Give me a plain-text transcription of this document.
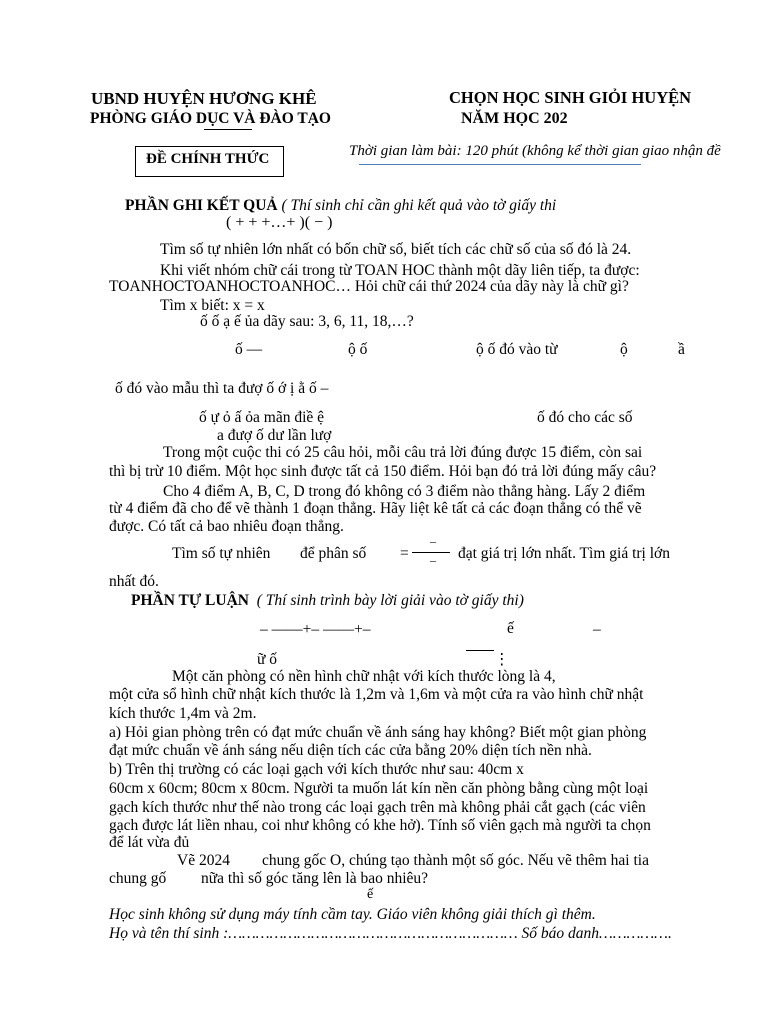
UBND HUYỆN HƯƠNG KHÊ
PHÒNG GIÁO DỤC VÀ ĐÀO TẠO
CHỌN HỌC SINH GIỎI HUYỆN
NĂM HỌC 202
ĐỀ CHÍNH THỨC	Thời gian làm bài: 120 phút (không kể thời gian giao nhận đề
PHẦN GHI KẾT QUẢ ( Thí sinh chỉ cần ghi kết quả vào tờ giấy thi
( + + +…+ )( − )
Tìm số tự nhiên lớn nhất có bốn chữ số, biết tích các chữ số của số đó là 24.
Khi viết nhóm chữ cái trong từ TOAN HOC thành một dãy liên tiếp, ta được:
TOANHOCTOANHOCTOANHOC… Hỏi chữ cái thứ 2024 của dãy này là chữ gì?
Tìm x biết: x = x
ố ố ạ ế ủa dãy sau: 3, 6, 11, 18,…?
ố —	ộ ố	ộ ố đó vào từ	ộ	ầ
ố đó vào mẫu thì ta đượ ố ớ ị ằ ố –
ố ự ỏ ấ ỏa mãn điề ệ	ố đó cho các số
a đượ ố dư lần lượ
Trong một cuộc thi có 25 câu hỏi, mỗi câu trả lời đúng được 15 điểm, còn sai
thì bị trừ 10 điểm. Một học sinh được tất cả 150 điểm. Hỏi bạn đó trả lời đúng mấy câu?
Cho 4 điểm A, B, C, D trong đó không có 3 điểm nào thẳng hàng. Lấy 2 điểm
từ 4 điểm đã cho để vẽ thành 1 đoạn thẳng. Hãy liệt kê tất cả các đoạn thẳng có thể vẽ
được. Có tất cả bao nhiêu đoạn thẳng.
Tìm số tự nhiên để phân số =
–
– đạt giá trị lớn nhất. Tìm giá trị lớn
nhất đó.
PHẦN TỰ LUẬN ( Thí sinh trình bày lời giải vào tờ giấy thi)
– ——+– ——+–	ế	–
ữ ố	⋮
Một căn phòng có nền hình chữ nhật với kích thước lòng là 4,
một cửa sổ hình chữ nhật kích thước là 1,2m và 1,6m và một cửa ra vào hình chữ nhật
kích thước 1,4m và 2m.
a) Hỏi gian phòng trên có đạt mức chuẩn về ánh sáng hay không? Biết một gian phòng
đạt mức chuẩn về ánh sáng nếu diện tích các cửa bằng 20% diện tích nền nhà.
b) Trên thị trường có các loại gạch với kích thước như sau: 40cm x
60cm x 60cm; 80cm x 80cm. Người ta muốn lát kín nền căn phòng bằng cùng một loại
gạch kích thước như thế nào trong các loại gạch trên mà không phải cắt gạch (các viên
gạch được lát liền nhau, coi như không có khe hở). Tính số viên gạch mà người ta chọn
để lát vừa đủ
Vẽ 2024 chung gốc O, chúng tạo thành một số góc. Nếu vẽ thêm hai tia
chung gố nữa thì số góc tăng lên là bao nhiêu?
ế
Học sinh không sử dụng máy tính cầm tay. Giáo viên không giải thích gì thêm.
Họ và tên thí sinh :……………………………………………………… Số báo danh…………….
